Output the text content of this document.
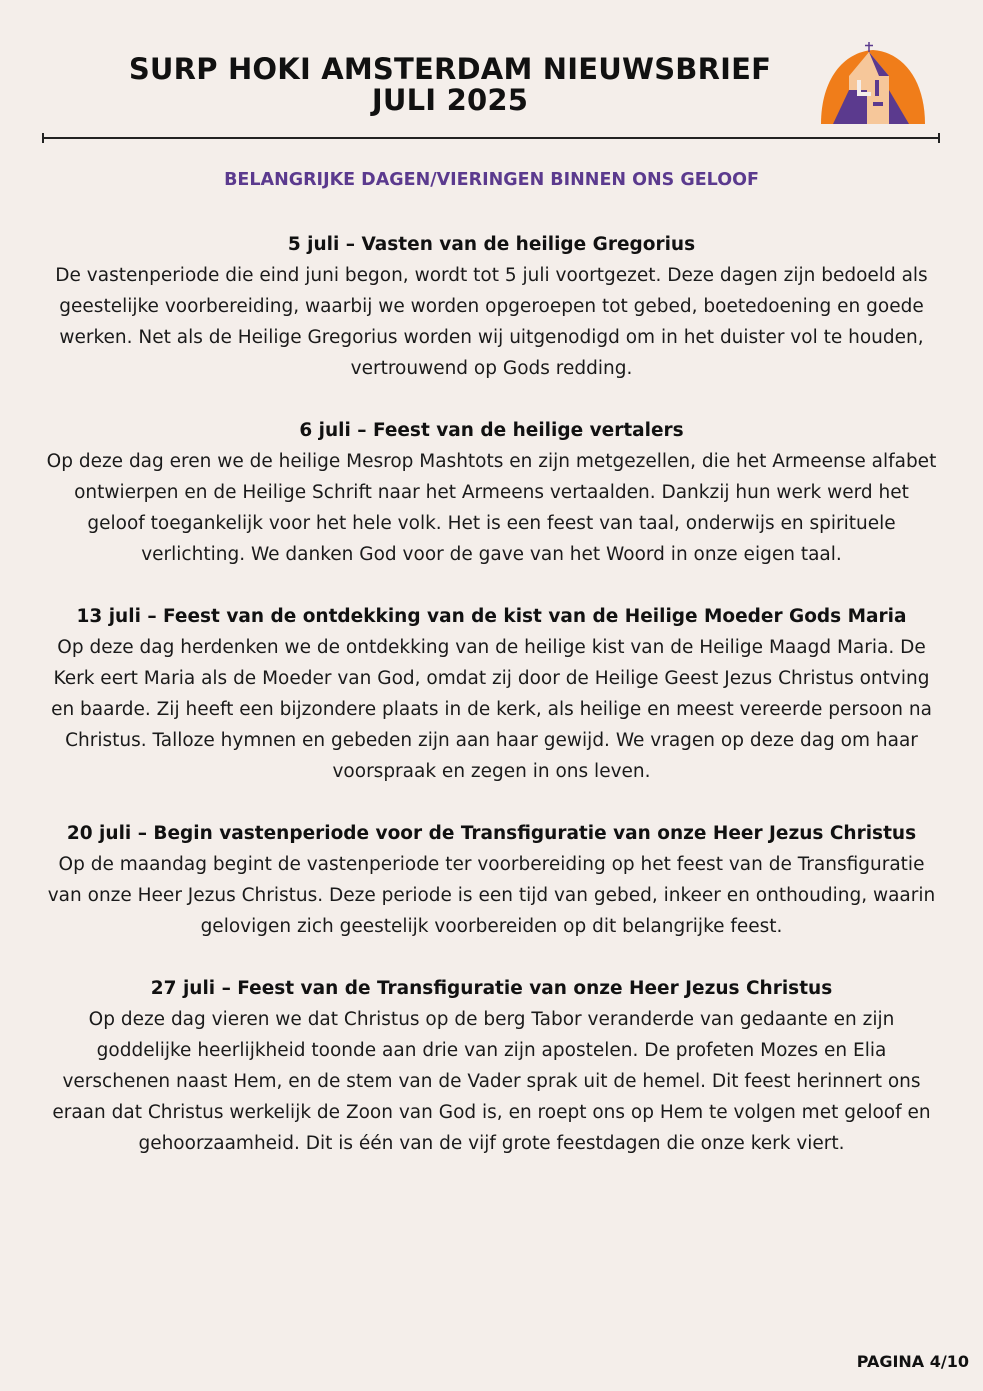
SURP HOKI AMSTERDAM NIEUWSBRIEF
JULI 2025
BELANGRIJKE DAGEN/VIERINGEN BINNEN ONS GELOOF
5 juli – Vasten van de heilige Gregorius

De vastenperiode die eind juni begon, wordt tot 5 juli voortgezet. Deze dagen zijn bedoeld als geestelijke voorbereiding, waarbij we worden opgeroepen tot gebed, boetedoening en goede werken. Net als de Heilige Gregorius worden wij uitgenodigd om in het duister vol te houden, vertrouwend op Gods redding.

6 juli – Feest van de heilige vertalers

Op deze dag eren we de heilige Mesrop Mashtots en zijn metgezellen, die het Armeense alfabet ontwierpen en de Heilige Schrift naar het Armeens vertaalden. Dankzij hun werk werd het geloof toegankelijk voor het hele volk. Het is een feest van taal, onderwijs en spirituele verlichting. We danken God voor de gave van het Woord in onze eigen taal.

13 juli – Feest van de ontdekking van de kist van de Heilige Moeder Gods Maria

Op deze dag herdenken we de ontdekking van de heilige kist van de Heilige Maagd Maria. De Kerk eert Maria als de Moeder van God, omdat zij door de Heilige Geest Jezus Christus ontving en baarde. Zij heeft een bijzondere plaats in de kerk, als heilige en meest vereerde persoon na Christus. Talloze hymnen en gebeden zijn aan haar gewijd. We vragen op deze dag om haar voorspraak en zegen in ons leven.

20 juli – Begin vastenperiode voor de Transfiguratie van onze Heer Jezus Christus

Op de maandag begint de vastenperiode ter voorbereiding op het feest van de Transfiguratie van onze Heer Jezus Christus. Deze periode is een tijd van gebed, inkeer en onthouding, waarin gelovigen zich geestelijk voorbereiden op dit belangrijke feest.

27 juli – Feest van de Transfiguratie van onze Heer Jezus Christus

Op deze dag vieren we dat Christus op de berg Tabor veranderde van gedaante en zijn goddelijke heerlijkheid toonde aan drie van zijn apostelen. De profeten Mozes en Elia verschenen naast Hem, en de stem van de Vader sprak uit de hemel. Dit feest herinnert ons eraan dat Christus werkelijk de Zoon van God is, en roept ons op Hem te volgen met geloof en gehoorzaamheid. Dit is één van de vijf grote feestdagen die onze kerk viert.

PAGINA 4/10
